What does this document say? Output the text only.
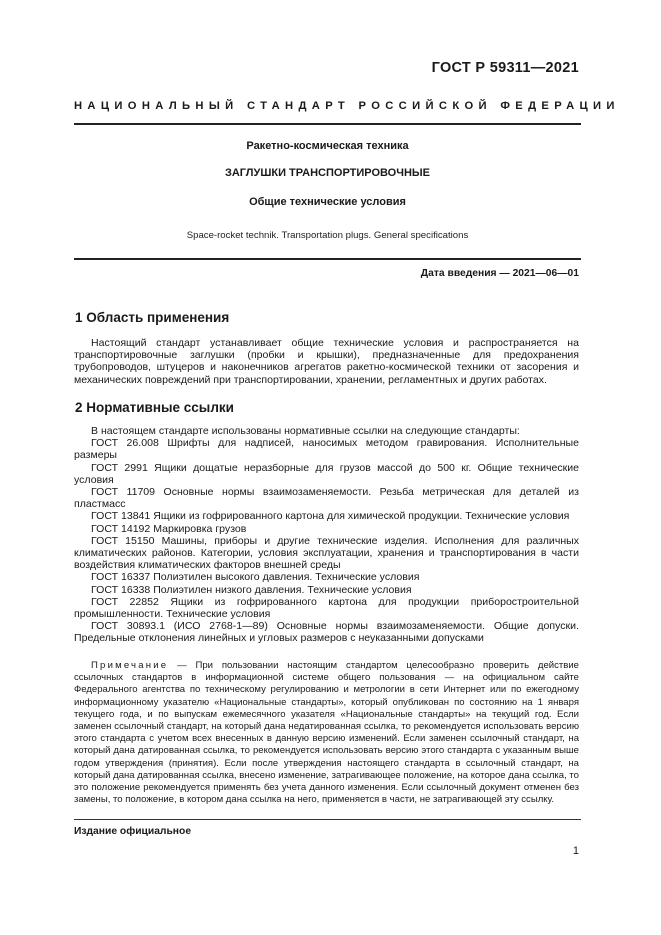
ГОСТ Р 59311—2021
НАЦИОНАЛЬНЫЙ СТАНДАРТ РОССИЙСКОЙ ФЕДЕРАЦИИ
Ракетно-космическая техника
ЗАГЛУШКИ ТРАНСПОРТИРОВОЧНЫЕ
Общие технические условия
Space-rocket technik. Transportation plugs. General specifications
Дата введения — 2021—06—01
1 Область применения

Настоящий стандарт устанавливает общие технические условия и распространяется на транспортировочные заглушки (пробки и крышки), предназначенные для предохранения трубопроводов, штуцеров и наконечников агрегатов ракетно-космической техники от засорения и механических повреждений при транспортировании, хранении, регламентных и других работах.

2 Нормативные ссылки

В настоящем стандарте использованы нормативные ссылки на следующие стандарты:

ГОСТ 26.008 Шрифты для надписей, наносимых методом гравирования. Исполнительные размеры

ГОСТ 2991 Ящики дощатые неразборные для грузов массой до 500 кг. Общие технические условия

ГОСТ 11709 Основные нормы взаимозаменяемости. Резьба метрическая для деталей из пластмасс

ГОСТ 13841 Ящики из гофрированного картона для химической продукции. Технические условия

ГОСТ 14192 Маркировка грузов

ГОСТ 15150 Машины, приборы и другие технические изделия. Исполнения для различных климатических районов. Категории, условия эксплуатации, хранения и транспортирования в части воздействия климатических факторов внешней среды

ГОСТ 16337 Полиэтилен высокого давления. Технические условия

ГОСТ 16338 Полиэтилен низкого давления. Технические условия

ГОСТ 22852 Ящики из гофрированного картона для продукции приборостроительной промышленности. Технические условия

ГОСТ 30893.1 (ИСО 2768-1—89) Основные нормы взаимозаменяемости. Общие допуски. Предельные отклонения линейных и угловых размеров с неуказанными допусками

Примечание — При пользовании настоящим стандартом целесообразно проверить действие ссылочных стандартов в информационной системе общего пользования — на официальном сайте Федерального агентства по техническому регулированию и метрологии в сети Интернет или по ежегодному информационному указателю «Национальные стандарты», который опубликован по состоянию на 1 января текущего года, и по выпускам ежемесячного указателя «Национальные стандарты» на текущий год. Если заменен ссылочный стандарт, на который дана недатированная ссылка, то рекомендуется использовать версию этого стандарта с учетом всех внесенных в данную версию изменений. Если заменен ссылочный стандарт, на который дана датированная ссылка, то рекомендуется использовать версию этого стандарта с указанным выше годом утверждения (принятия). Если после утверждения настоящего стандарта в ссылочный стандарт, на который дана датированная ссылка, внесено изменение, затрагивающее положение, на которое дана ссылка, то это положение рекомендуется применять без учета данного изменения. Если ссылочный документ отменен без замены, то положение, в котором дана ссылка на него, применяется в части, не затрагивающей эту ссылку.
Издание официальное
1
